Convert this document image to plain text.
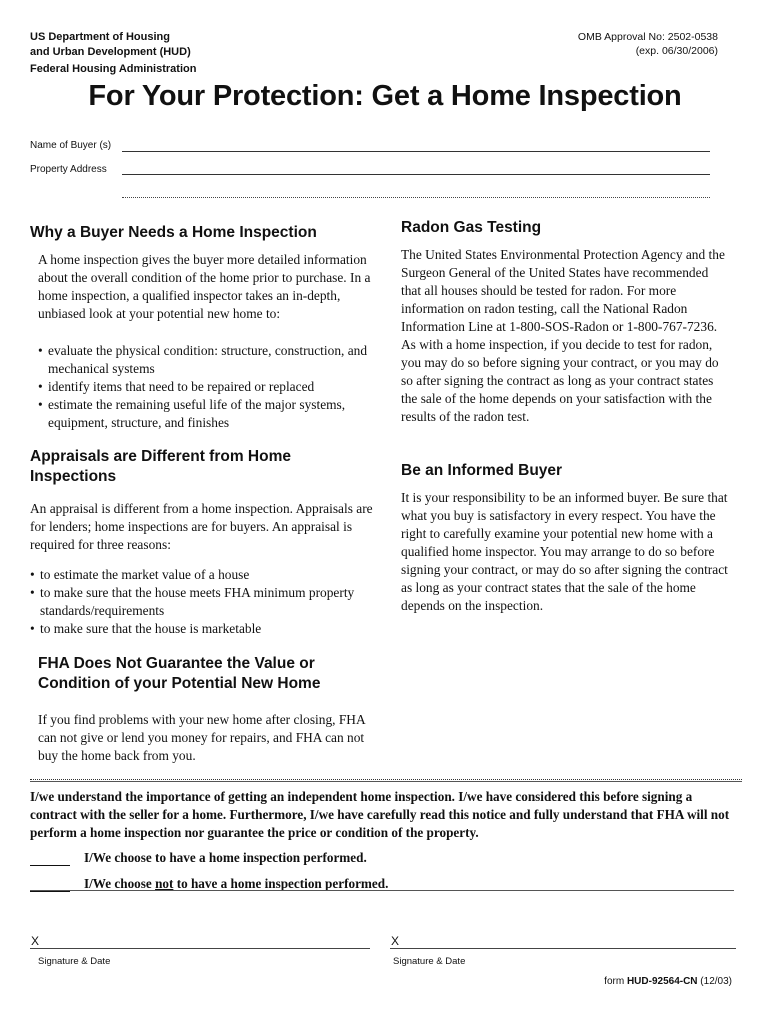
US Department of Housing
and Urban Development (HUD)
Federal Housing Administration
OMB Approval No: 2502-0538
(exp. 06/30/2006)
For Your Protection: Get a Home Inspection
Name of Buyer (s)
Property Address
Why a Buyer Needs a Home Inspection
A home inspection gives the buyer more detailed information about the overall condition of the home prior to purchase. In a home inspection, a qualified inspector takes an in-depth, unbiased look at your potential new home to:
• evaluate the physical condition: structure, construction, and mechanical systems
• identify items that need to be repaired or replaced
• estimate the remaining useful life of the major systems, equipment, structure, and finishes
Appraisals are Different from Home Inspections
An appraisal is different from a home inspection. Appraisals are for lenders; home inspections are for buyers. An appraisal is required for three reasons:
• to estimate the market value of a house
• to make sure that the house meets FHA minimum property standards/requirements
• to make sure that the house is marketable
FHA Does Not Guarantee the Value or Condition of your Potential New Home
If you find problems with your new home after closing, FHA can not give or lend you money for repairs, and FHA can not buy the home back from you.
Radon Gas Testing
The United States Environmental Protection Agency and the Surgeon General of the United States have recommended that all houses should be tested for radon. For more information on radon testing, call the National Radon Information Line at 1-800-SOS-Radon or 1-800-767-7236. As with a home inspection, if you decide to test for radon, you may do so before signing your contract, or you may do so after signing the contract as long as your contract states the sale of the home depends on your satisfaction with the results of the radon test.
Be an Informed Buyer
It is your responsibility to be an informed buyer. Be sure that what you buy is satisfactory in every respect. You have the right to carefully examine your potential new home with a qualified home inspector. You may arrange to do so before signing your contract, or may do so after signing the contract as long as your contract states that the sale of the home depends on the inspection.
I/we understand the importance of getting an independent home inspection. I/we have considered this before signing a contract with the seller for a home. Furthermore, I/we have carefully read this notice and fully understand that FHA will not perform a home inspection nor guarantee the price or condition of the property.
I/We choose to have a home inspection performed.
I/We choose not to have a home inspection performed.
X
Signature & Date
X
Signature & Date
form HUD-92564-CN (12/03)
